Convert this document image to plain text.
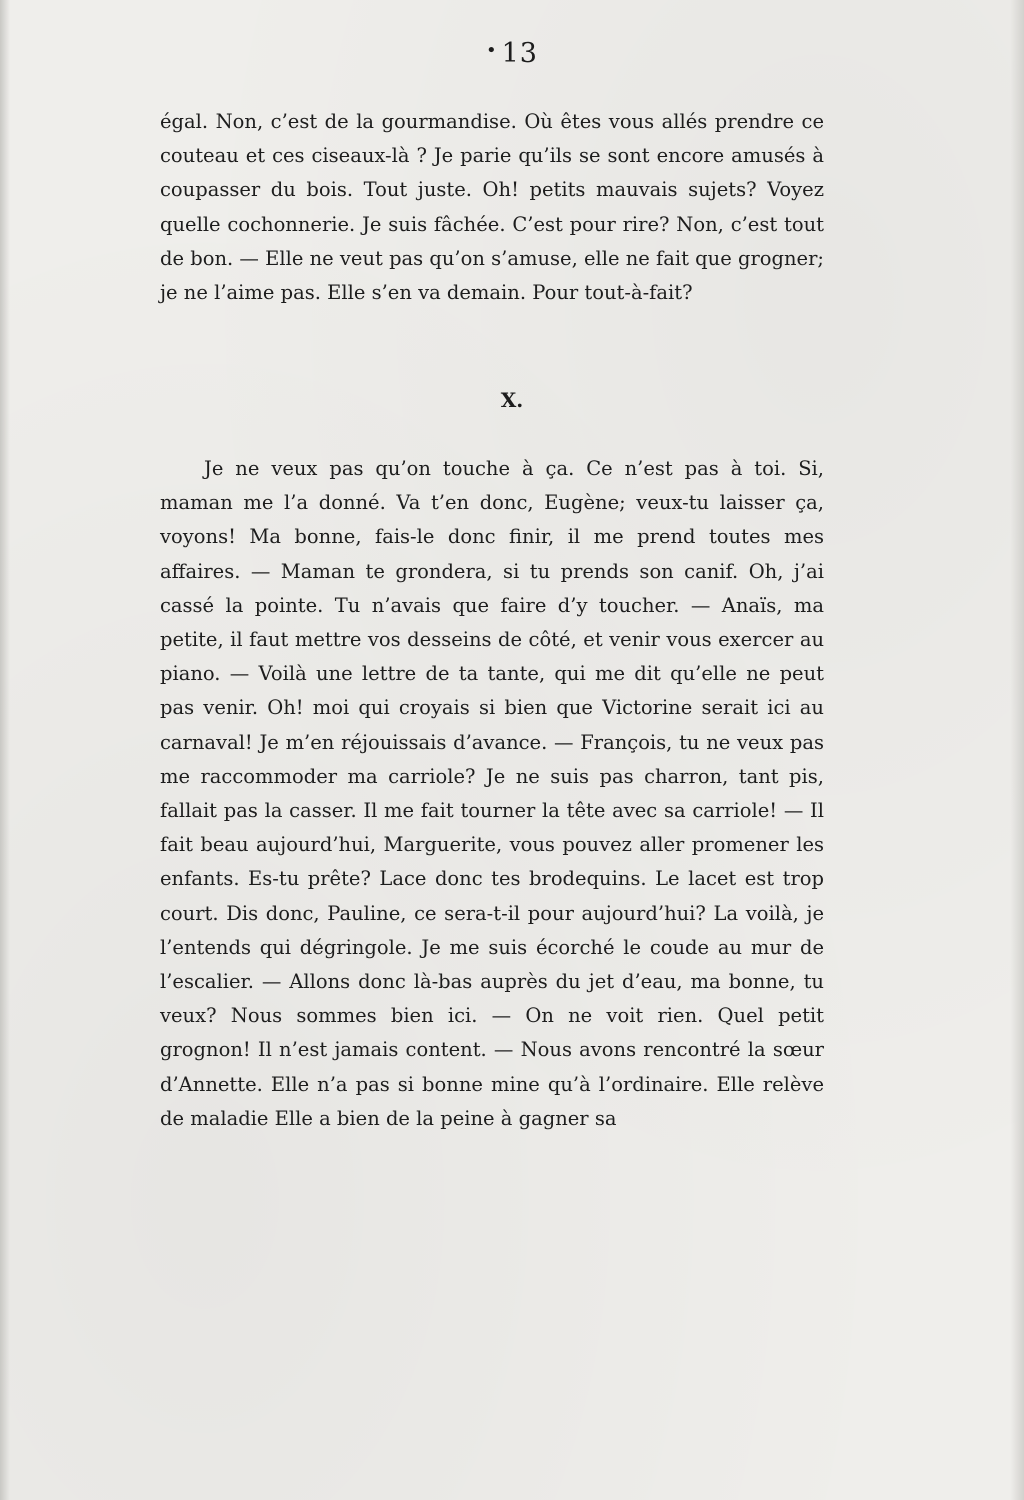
• 13

égal. Non, c’est de la gourmandise. Où êtes vous allés prendre ce couteau et ces ciseaux-là ? Je parie qu’ils se sont encore amusés à coupasser du bois. Tout juste. Oh! petits mauvais sujets? Voyez quelle cochonnerie. Je suis fâchée. C’est pour rire? Non, c’est tout de bon. — Elle ne veut pas qu’on s’amuse, elle ne fait que grogner; je ne l’aime pas. Elle s’en va demain. Pour tout-à-fait?

X.

Je ne veux pas qu’on touche à ça. Ce n’est pas à toi. Si, maman me l’a donné. Va t’en donc, Eugène; veux-tu laisser ça, voyons! Ma bonne, fais-le donc finir, il me prend toutes mes affaires. — Maman te grondera, si tu prends son canif. Oh, j’ai cassé la pointe. Tu n’avais que faire d’y toucher. — Anaïs, ma petite, il faut mettre vos desseins de côté, et venir vous exercer au piano. — Voilà une lettre de ta tante, qui me dit qu’elle ne peut pas venir. Oh! moi qui croyais si bien que Victorine serait ici au carnaval! Je m’en réjouissais d’avance. — François, tu ne veux pas me raccommoder ma carriole? Je ne suis pas charron, tant pis, fallait pas la casser. Il me fait tourner la tête avec sa carriole! — Il fait beau aujourd’hui, Marguerite, vous pouvez aller promener les enfants. Es-tu prête? Lace donc tes brodequins. Le lacet est trop court. Dis donc, Pauline, ce sera-t-il pour aujourd’hui? La voilà, je l’entends qui dégringole. Je me suis écorché le coude au mur de l’escalier. — Allons donc là-bas auprès du jet d’eau, ma bonne, tu veux? Nous sommes bien ici. — On ne voit rien. Quel petit grognon! Il n’est jamais content. — Nous avons rencontré la sœur d’Annette. Elle n’a pas si bonne mine qu’à l’ordinaire. Elle relève de maladie Elle a bien de la peine à gagner sa
